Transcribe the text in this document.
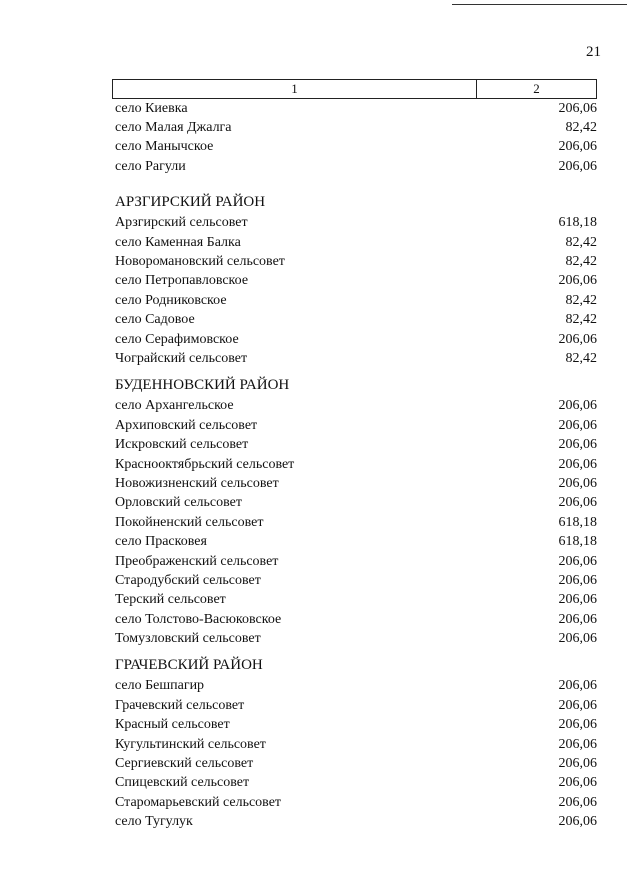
21
1	2
село Киевка	206,06
село Малая Джалга	82,42
село Манычское	206,06
село Рагули	206,06
АРЗГИРСКИЙ РАЙОН
Арзгирский сельсовет	618,18
село Каменная Балка	82,42
Новоромановский сельсовет	82,42
село Петропавловское	206,06
село Родниковское	82,42
село Садовое	82,42
село Серафимовское	206,06
Чограйский сельсовет	82,42
БУДЕННОВСКИЙ РАЙОН
село Архангельское	206,06
Архиповский сельсовет	206,06
Искровский сельсовет	206,06
Краснооктябрьский сельсовет	206,06
Новожизненский сельсовет	206,06
Орловский сельсовет	206,06
Покойненский сельсовет	618,18
село Прасковея	618,18
Преображенский сельсовет	206,06
Стародубский сельсовет	206,06
Терский сельсовет	206,06
село Толстово-Васюковское	206,06
Томузловский сельсовет	206,06
ГРАЧЕВСКИЙ РАЙОН
село Бешпагир	206,06
Грачевский сельсовет	206,06
Красный сельсовет	206,06
Кугультинский сельсовет	206,06
Сергиевский сельсовет	206,06
Спицевский сельсовет	206,06
Старомарьевский сельсовет	206,06
село Тугулук	206,06
